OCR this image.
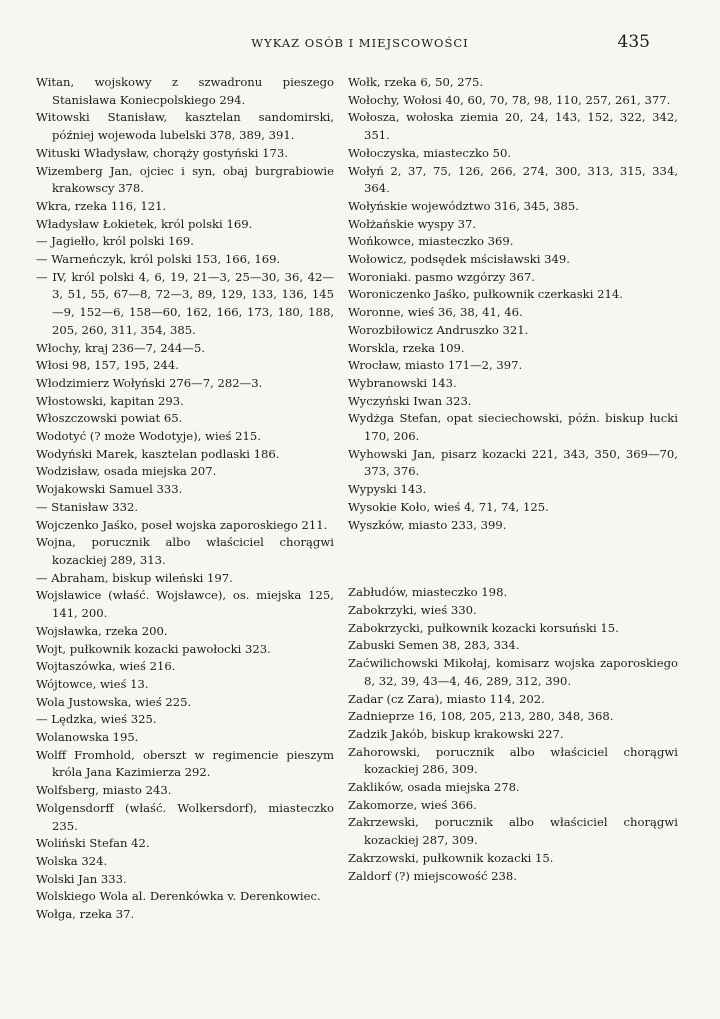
WYKAZ OSÓB I MIEJSCOWOŚCI	435

Witan, wojskowy z szwadronu pieszego Stanisława Koniecpolskiego 294.

Witowski Stanisław, kasztelan sandomirski, później wojewoda lubelski 378, 389, 391.

Wituski Władysław, chorąży gostyński 173.

Wizemberg Jan, ojciec i syn, obaj burgrabiowie krakowscy 378.

Wkra, rzeka 116, 121.

Władysław Łokietek, król polski 169.

— Jagiełło, król polski 169.

— Warneńczyk, król polski 153, 166, 169.

— IV, król polski 4, 6, 19, 21—3, 25—30, 36, 42—3, 51, 55, 67—8, 72—3, 89, 129, 133, 136, 145—9, 152—6, 158—60, 162, 166, 173, 180, 188, 205, 260, 311, 354, 385.

Włochy, kraj 236—7, 244—5.

Włosi 98, 157, 195, 244.

Włodzimierz Wołyński 276—7, 282—3.

Włostowski, kapitan 293.

Włoszczowski powiat 65.

Wodotyć (? może Wodotyje), wieś 215.

Wodyński Marek, kasztelan podlaski 186.

Wodzisław, osada miejska 207.

Wojakowski Samuel 333.

— Stanisław 332.

Wojczenko Jaśko, poseł wojska zaporoskiego 211.

Wojna, porucznik albo właściciel chorągwi kozackiej 289, 313.

— Abraham, biskup wileński 197.

Wojsławice (właść. Wojsławce), os. miejska 125, 141, 200.

Wojsławka, rzeka 200.

Wojt, pułkownik kozacki pawołocki 323.

Wojtaszówka, wieś 216.

Wójtowce, wieś 13.

Wola Justowska, wieś 225.

— Lędzka, wieś 325.

Wolanowska 195.

Wolff Fromhold, oberszt w regimencie pieszym króla Jana Kazimierza 292.

Wolfsberg, miasto 243.

Wolgensdorff (właść. Wolkersdorf), miasteczko 235.

Woliński Stefan 42.

Wolska 324.

Wolski Jan 333.

Wolskiego Wola al. Derenkówka v. Derenkowiec.

Wołga, rzeka 37.

Wołk, rzeka 6, 50, 275.

Wołochy, Wołosi 40, 60, 70, 78, 98, 110, 257, 261, 377.

Wołosza, wołoska ziemia 20, 24, 143, 152, 322, 342, 351.

Wołoczyska, miasteczko 50.

Wołyń 2, 37, 75, 126, 266, 274, 300, 313, 315, 334, 364.

Wołyńskie województwo 316, 345, 385.

Wołżańskie wyspy 37.

Wońkowce, miasteczko 369.

Wołowicz, podsędek mścisławski 349.

Woroniaki. pasmo wzgórzy 367.

Woroniczenko Jaśko, pułkownik czerkaski 214.

Woronne, wieś 36, 38, 41, 46.

Worozbiłowicz Andruszko 321.

Worskla, rzeka 109.

Wrocław, miasto 171—2, 397.

Wybranowski 143.

Wyczyński Iwan 323.

Wydżga Stefan, opat sieciechowski, późn. biskup łucki 170, 206.

Wyhowski Jan, pisarz kozacki 221, 343, 350, 369—70, 373, 376.

Wypyski 143.

Wysokie Koło, wieś 4, 71, 74, 125.

Wyszków, miasto 233, 399.

Zabłudów, miasteczko 198.

Zabokrzyki, wieś 330.

Zabokrzycki, pułkownik kozacki korsuński 15.

Zabuski Semen 38, 283, 334.

Zaćwilichowski Mikołaj, komisarz wojska zaporoskiego 8, 32, 39, 43—4, 46, 289, 312, 390.

Zadar (cz Zara), miasto 114, 202.

Zadnieprze 16, 108, 205, 213, 280, 348, 368.

Zadzik Jakób, biskup krakowski 227.

Zahorowski, porucznik albo właściciel chorągwi kozackiej 286, 309.

Zaklików, osada miejska 278.

Zakomorze, wieś 366.

Zakrzewski, porucznik albo właściciel chorągwi kozackiej 287, 309.

Zakrzowski, pułkownik kozacki 15.

Zaldorf (?) miejscowość 238.
